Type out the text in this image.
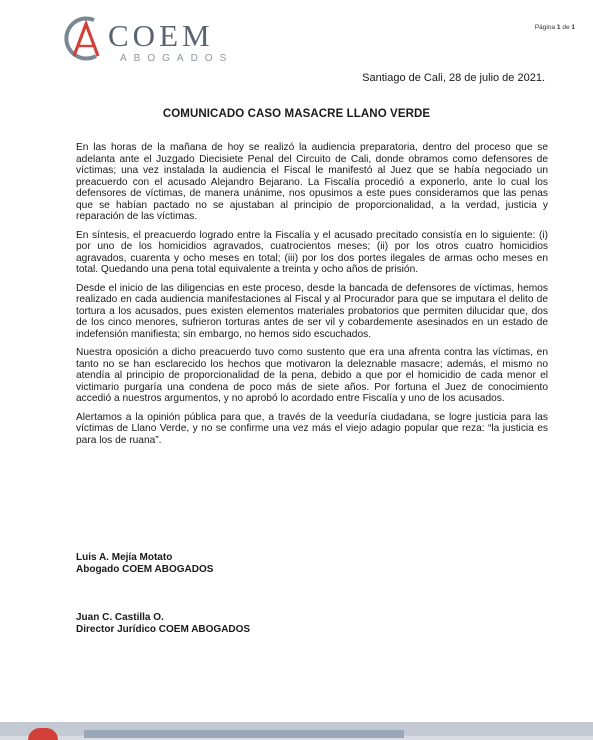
COEM
ABOGADOS
Página 1 de 1
Santiago de Cali, 28 de julio de 2021.
COMUNICADO CASO MASACRE LLANO VERDE

En las horas de la mañana de hoy se realizó la audiencia preparatoria, dentro del proceso que se adelanta ante el Juzgado Diecisiete Penal del Circuito de Cali, donde obramos como defensores de víctimas; una vez instalada la audiencia el Fiscal le manifestó al Juez que se había negociado un preacuerdo con el acusado Alejandro Bejarano. La Fiscalía procedió a exponerlo, ante lo cual los defensores de víctimas, de manera unánime, nos opusimos a este pues consideramos que las penas que se habían pactado no se ajustaban al principio de proporcionalidad, a la verdad, justicia y reparación de las víctimas.

En síntesis, el preacuerdo logrado entre la Fiscalía y el acusado precitado consistía en lo siguiente: (i) por uno de los homicidios agravados, cuatrocientos meses; (ii) por los otros cuatro homicidios agravados, cuarenta y ocho meses en total; (iii) por los dos portes ilegales de armas ocho meses en total. Quedando una pena total equivalente a treinta y ocho años de prisión.

Desde el inicio de las diligencias en este proceso, desde la bancada de defensores de víctimas, hemos realizado en cada audiencia manifestaciones al Fiscal y al Procurador para que se imputara el delito de tortura a los acusados, pues existen elementos materiales probatorios que permiten dilucidar que, dos de los cinco menores, sufrieron torturas antes de ser vil y cobardemente asesinados en un estado de indefensión manifiesta; sin embargo, no hemos sido escuchados.

Nuestra oposición a dicho preacuerdo tuvo como sustento que era una afrenta contra las víctimas, en tanto no se han esclarecido los hechos que motivaron la deleznable masacre; además, el mismo no atendía al principio de proporcionalidad de la pena, debido a que por el homicidio de cada menor el victimario purgaría una condena de poco más de siete años. Por fortuna el Juez de conocimiento accedió a nuestros argumentos, y no aprobó lo acordado entre Fiscalía y uno de los acusados.

Alertamos a la opinión pública para que, a través de la veeduría ciudadana, se logre justicia para las víctimas de Llano Verde, y no se confirme una vez más el viejo adagio popular que reza: “la justicia es para los de ruana”.

Luis A. Mejía Motato
Abogado COEM ABOGADOS
Juan C. Castilla O.
Director Jurídico COEM ABOGADOS
